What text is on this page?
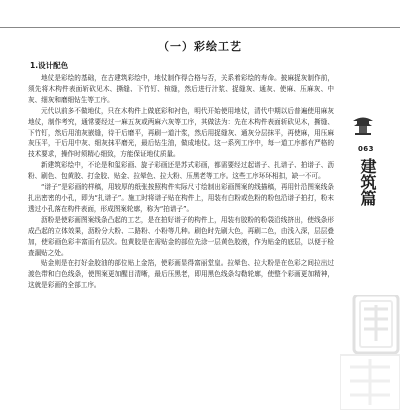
（一）彩绘工艺
1.设计配色

地仗是彩绘的基础，在古建筑彩绘中，地仗制作得合格与否，关系着彩绘的寿命。披麻捉灰制作前，须先将木构件表面斩砍见木、撕缝、下竹钉、楦缝，然后进行汁浆、捉缝灰、通灰、使麻、压麻灰、中灰、细灰和磨细钻生等工序。

元代以前多不做地仗，只在木构件上做底彩和衬色，明代开始使用地仗，清代中期以后普遍使用麻灰地仗，制作考究，通常要经过一麻五灰或两麻六灰等工序，其做法为：先在木构件表面斩砍见木，撕缝、下竹钉，然后用油灰嵌缝，待干后磨平，再刷一道汁浆，然后用捉缝灰、通灰分层抹平，再使麻，用压麻灰压平，干后用中灰、细灰抹平磨光，最后钻生油，做成地仗。这一系列工序中，每一道工序都有严格的技术要求，操作时须精心细致，方能保证地仗质量。

新建筑彩绘中，不论是和玺彩画、旋子彩画还是苏式彩画，都需要经过起谱子、扎谱子、拍谱子、沥粉、刷色、包黄胶、打金胶、贴金、拉晕色、拉大粉、压黑老等工序。这些工序环环相扣，缺一不可。

“谱子”是彩画的样稿，用较厚的纸张按照构件实际尺寸绘制出彩画图案的线描稿，再用针沿图案线条扎出密密的小孔，即为“扎谱子”。施工时将谱子贴在构件上，用装有白粉或色粉的粉包沿谱子拍打，粉末透过小孔落在构件表面，形成图案轮廓，称为“拍谱子”。

沥粉是使彩画图案线条凸起的工艺，是在拍好谱子的构件上，用装有胶粉的粉袋沿线挤出，使线条形成凸起的立体效果，沥粉分大粉、二路粉、小粉等几种。刷色时先刷大色，再刷二色，由浅入深，层层叠加，使彩画色彩丰富而有层次。包黄胶是在需贴金的部位先涂一层黄色胶液，作为贴金的底层，以便于检查漏贴之处。

贴金则是在打好金胶油的部位贴上金箔，使彩画显得富丽堂皇。拉晕色、拉大粉是在色彩之间拉出过渡色带和白色线条，使图案更加醒目清晰，最后压黑老，即用黑色线条勾勒轮廓，使整个彩画更加精神，这就是彩画的全部工序。

063
建筑篇
